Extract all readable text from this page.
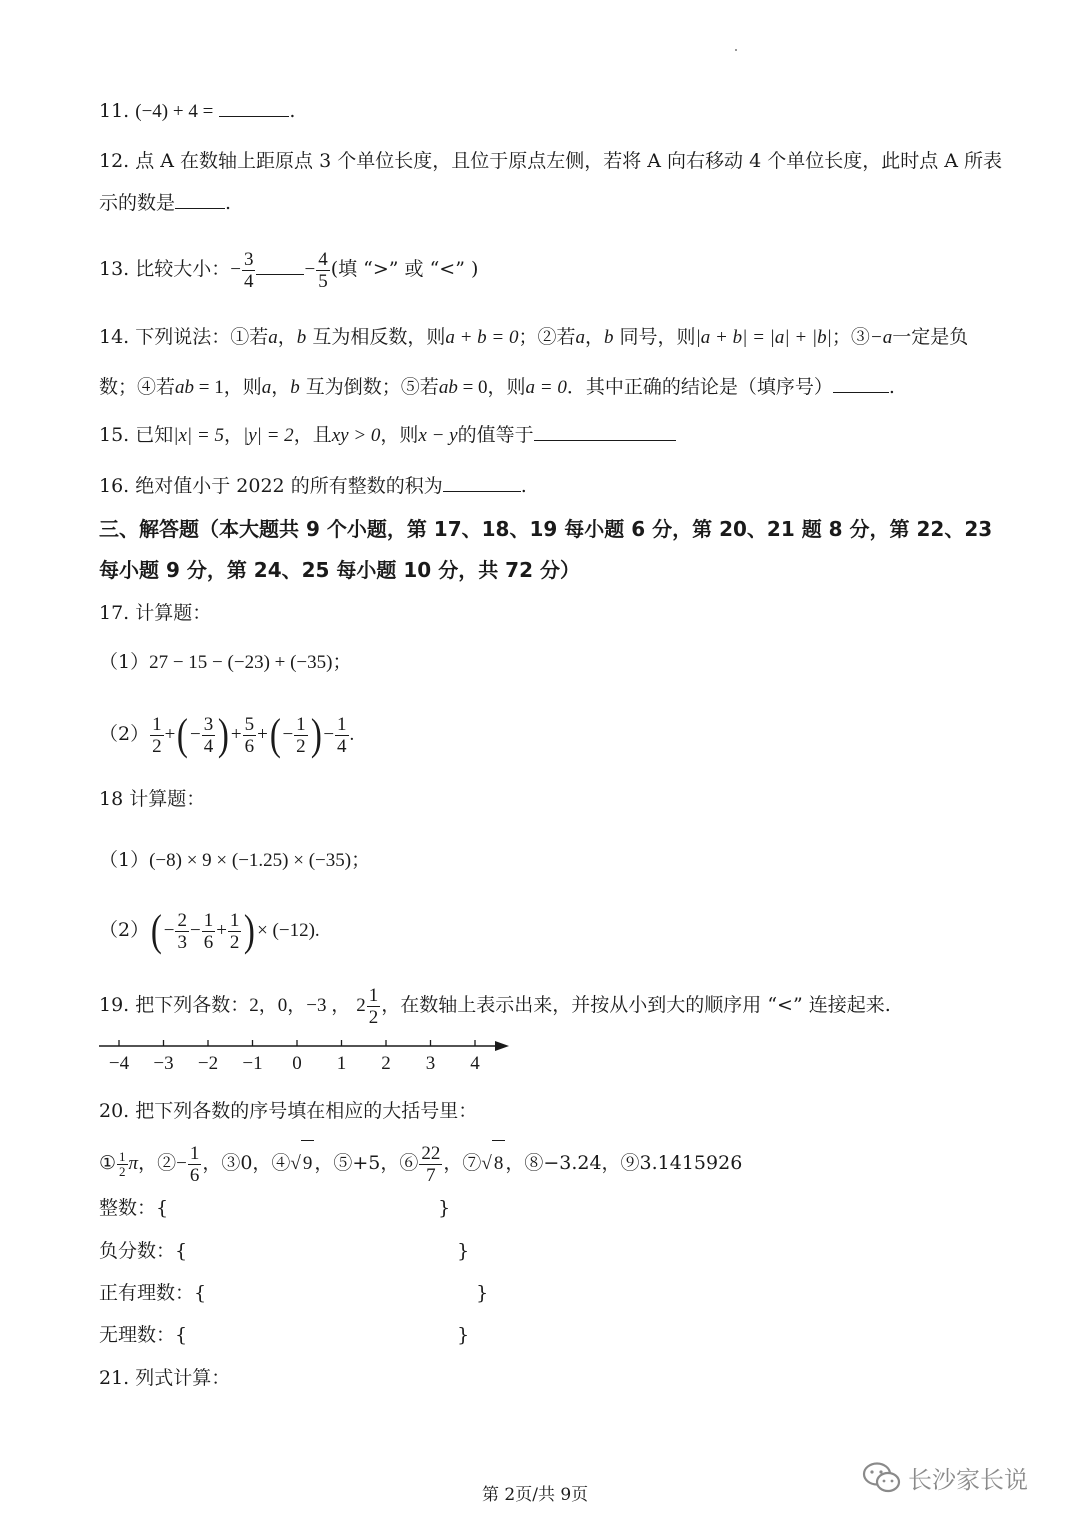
11. (−4) + 4 =	.
12. 点 A 在数轴上距原点 3 个单位长度，且位于原点左侧，若将 A 向右移动 4 个单位长度，此时点 A 所表
示的数是	.
13. 比较大小：− $\frac{3}{4}$	− $\frac{4}{5}$ (填 “>” 或 “<” )
14. 下列说法：①若a，b 互为相反数，则a + b = 0；②若a，b 同号，则|a + b| = |a| + |b|；③−a一定是负
数；④若ab = 1，则a，b 互为倒数；⑤若ab = 0，则a = 0．其中正确的结论是（填序号）	.
15. 已知|x| = 5，|y| = 2，且xy > 0，则x − y的值等于
16. 绝对值小于 2022 的所有整数的积为	.
三、解答题（本大题共 9 个小题，第 17、18、19 每小题 6 分，第 20、21 题 8 分，第 22、23
每小题 9 分，第 24、25 每小题 10 分，共 72 分）
17. 计算题：
（1）27 − 15 − (−23) + (−35)；
$(2) \frac{1}{2}$ +(− $\frac{3}{4}$ )+ $\frac{5}{6}$ +(− $\frac{1}{2}$ )− $\frac{1}{4}$ .
18 计算题：
（1）(−8) × 9 × (−1.25) × (−35)；
$(2)(- \frac{2}{3} - \frac{1}{6} + \frac{1}{2}$ )× (−12).
19. 把下列各数：2，0，−3 ， $2 \frac{1}{2}$ ，在数轴上表示出来，并按从小到大的顺序用 “<” 连接起来.
−4 −3 −2 −1 0 1 2 3 4
20. 把下列各数的序号填在相应的大括号里：
① $\frac{1}{2}$ π，②− $\frac{1}{6}$ ，③0，④√ 9 ，⑤+5，⑥ $\frac{22}{7}$ ，⑦√ 8 ，⑧−3.24，⑨3.1415926
整数：{	}
负分数：{	}
正有理数：{	}
无理数：{	}
21. 列式计算：
第 2页/共 9页
长沙家长说
